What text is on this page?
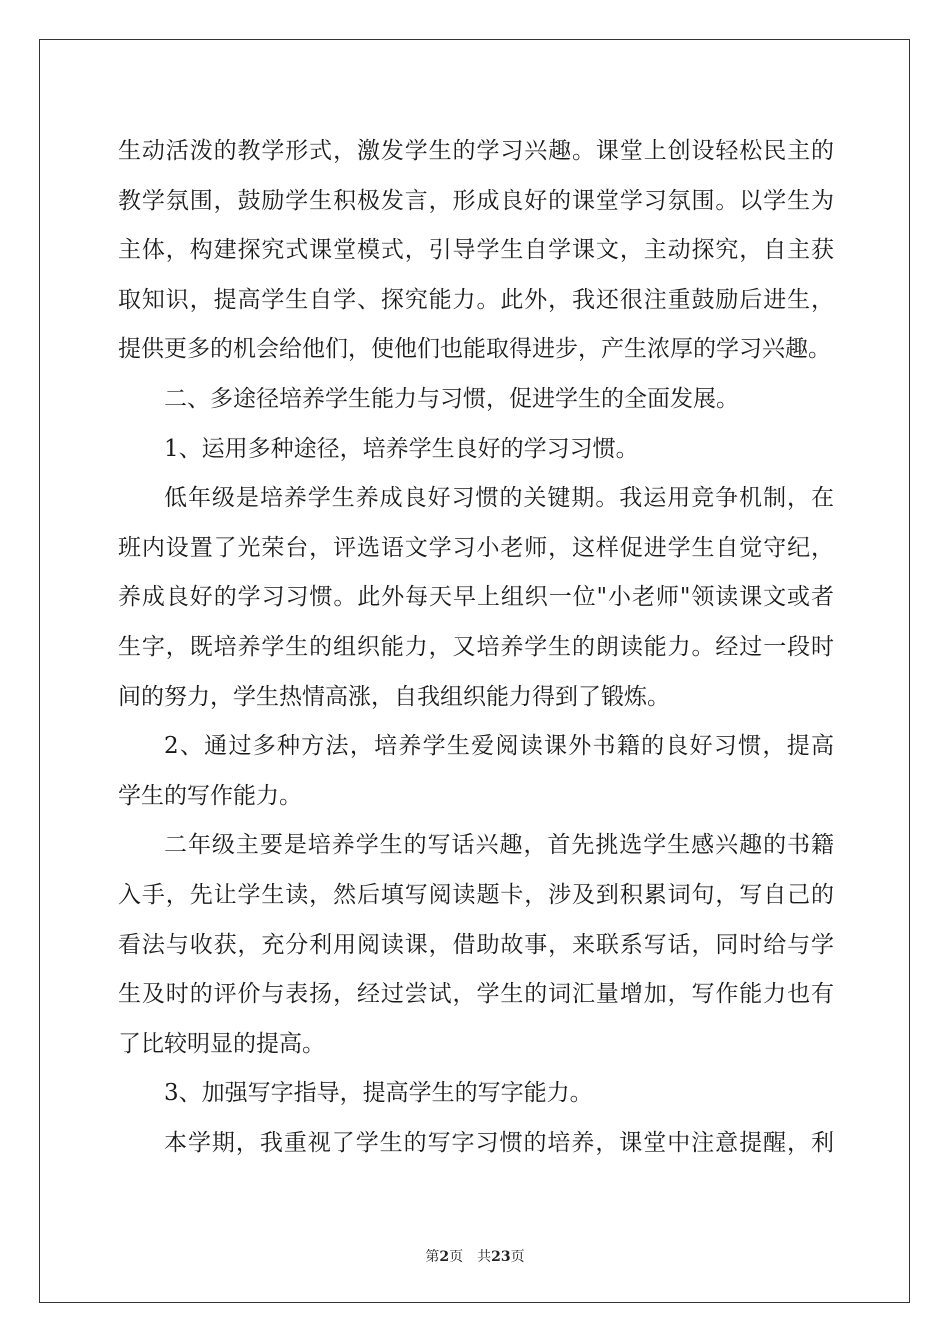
生动活泼的教学形式，激发学生的学习兴趣。课堂上创设轻松民主的
教学氛围，鼓励学生积极发言，形成良好的课堂学习氛围。以学生为
主体，构建探究式课堂模式，引导学生自学课文，主动探究，自主获
取知识，提高学生自学、探究能力。此外，我还很注重鼓励后进生，
提供更多的机会给他们，使他们也能取得进步，产生浓厚的学习兴趣。
二、多途径培养学生能力与习惯，促进学生的全面发展。
1、运用多种途径，培养学生良好的学习习惯。
低年级是培养学生养成良好习惯的关键期。我运用竞争机制，在
班内设置了光荣台，评选语文学习小老师，这样促进学生自觉守纪，
养成良好的学习习惯。此外每天早上组织一位"小老师"领读课文或者
生字，既培养学生的组织能力，又培养学生的朗读能力。经过一段时
间的努力，学生热情高涨，自我组织能力得到了锻炼。
2、通过多种方法，培养学生爱阅读课外书籍的良好习惯，提高
学生的写作能力。
二年级主要是培养学生的写话兴趣，首先挑选学生感兴趣的书籍
入手，先让学生读，然后填写阅读题卡，涉及到积累词句，写自己的
看法与收获，充分利用阅读课，借助故事，来联系写话，同时给与学
生及时的评价与表扬，经过尝试，学生的词汇量增加，写作能力也有
了比较明显的提高。
3、加强写字指导，提高学生的写字能力。
本学期，我重视了学生的写字习惯的培养，课堂中注意提醒，利
第2页 共23页
